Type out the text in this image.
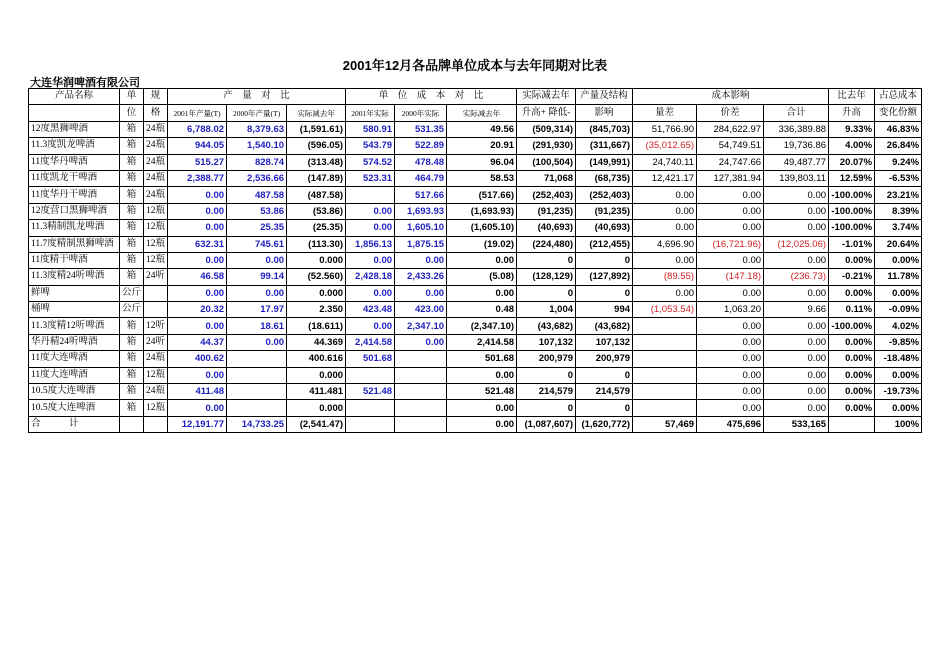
2001年12月各品牌单位成本与去年同期对比表
大连华润啤酒有限公司
产品名称	单	规	产　量　对　比			单　位　成　本　对　比			实际减去年	产量及结构	成本影响			比去年	占总成本
	位	格	2001年产量(T)	2000年产量(T)	实际减去年	2001年实际	2000年实际	实际减去年	升高+ 降低-	影响	量差	价差	合计	升高	变化份额
12度黑狮啤酒	箱	24瓶	6,788.02	8,379.63	(1,591.61)	580.91	531.35	49.56	(509,314)	(845,703)	51,766.90	284,622.97	336,389.88	9.33%	46.83%
11.3度凯龙啤酒	箱	24瓶	944.05	1,540.10	(596.05)	543.79	522.89	20.91	(291,930)	(311,667)	(35,012.65)	54,749.51	19,736.86	4.00%	26.84%
11度华丹啤酒	箱	24瓶	515.27	828.74	(313.48)	574.52	478.48	96.04	(100,504)	(149,991)	24,740.11	24,747.66	49,487.77	20.07%	9.24%
11度凯龙干啤酒	箱	24瓶	2,388.77	2,536.66	(147.89)	523.31	464.79	58.53	71,068	(68,735)	12,421.17	127,381.94	139,803.11	12.59%	-6.53%
11度华丹干啤酒	箱	24瓶	0.00	487.58	(487.58)		517.66	(517.66)	(252,403)	(252,403)	0.00	0.00	0.00	-100.00%	23.21%
12度营口黑狮啤酒	箱	12瓶	0.00	53.86	(53.86)	0.00	1,693.93	(1,693.93)	(91,235)	(91,235)	0.00	0.00	0.00	-100.00%	8.39%
11.3精制凯龙啤酒	箱	12瓶	0.00	25.35	(25.35)	0.00	1,605.10	(1,605.10)	(40,693)	(40,693)	0.00	0.00	0.00	-100.00%	3.74%
11.7度精制黑狮啤酒	箱	12瓶	632.31	745.61	(113.30)	1,856.13	1,875.15	(19.02)	(224,480)	(212,455)	4,696.90	(16,721.96)	(12,025.06)	-1.01%	20.64%
11度精干啤酒	箱	12瓶	0.00	0.00	0.000	0.00	0.00	0.00	0	0	0.00	0.00	0.00	0.00%	0.00%
11.3度精24听啤酒	箱	24听	46.58	99.14	(52.560)	2,428.18	2,433.26	(5.08)	(128,129)	(127,892)	(89.55)	(147.18)	(236.73)	-0.21%	11.78%
鲜啤	公斤		0.00	0.00	0.000	0.00	0.00	0.00	0	0	0.00	0.00	0.00	0.00%	0.00%
桶啤	公斤		20.32	17.97	2.350	423.48	423.00	0.48	1,004	994	(1,053.54)	1,063.20	9.66	0.11%	-0.09%
11.3度精12听啤酒	箱	12听	0.00	18.61	(18.611)	0.00	2,347.10	(2,347.10)	(43,682)	(43,682)		0.00	0.00	-100.00%	4.02%
华丹精24听啤酒	箱	24听	44.37	0.00	44.369	2,414.58	0.00	2,414.58	107,132	107,132		0.00	0.00	0.00%	-9.85%
11度大连啤酒	箱	24瓶	400.62		400.616	501.68		501.68	200,979	200,979		0.00	0.00	0.00%	-18.48%
11度大连啤酒	箱	12瓶	0.00		0.000			0.00	0	0		0.00	0.00	0.00%	0.00%
10.5度大连啤酒	箱	24瓶	411.48		411.481	521.48		521.48	214,579	214,579		0.00	0.00	0.00%	-19.73%
10.5度大连啤酒	箱	12瓶	0.00		0.000			0.00	0	0		0.00	0.00	0.00%	0.00%
合　　　计			12,191.77	14,733.25	(2,541.47)			0.00	(1,087,607)	(1,620,772)	57,469	475,696	533,165		100%
